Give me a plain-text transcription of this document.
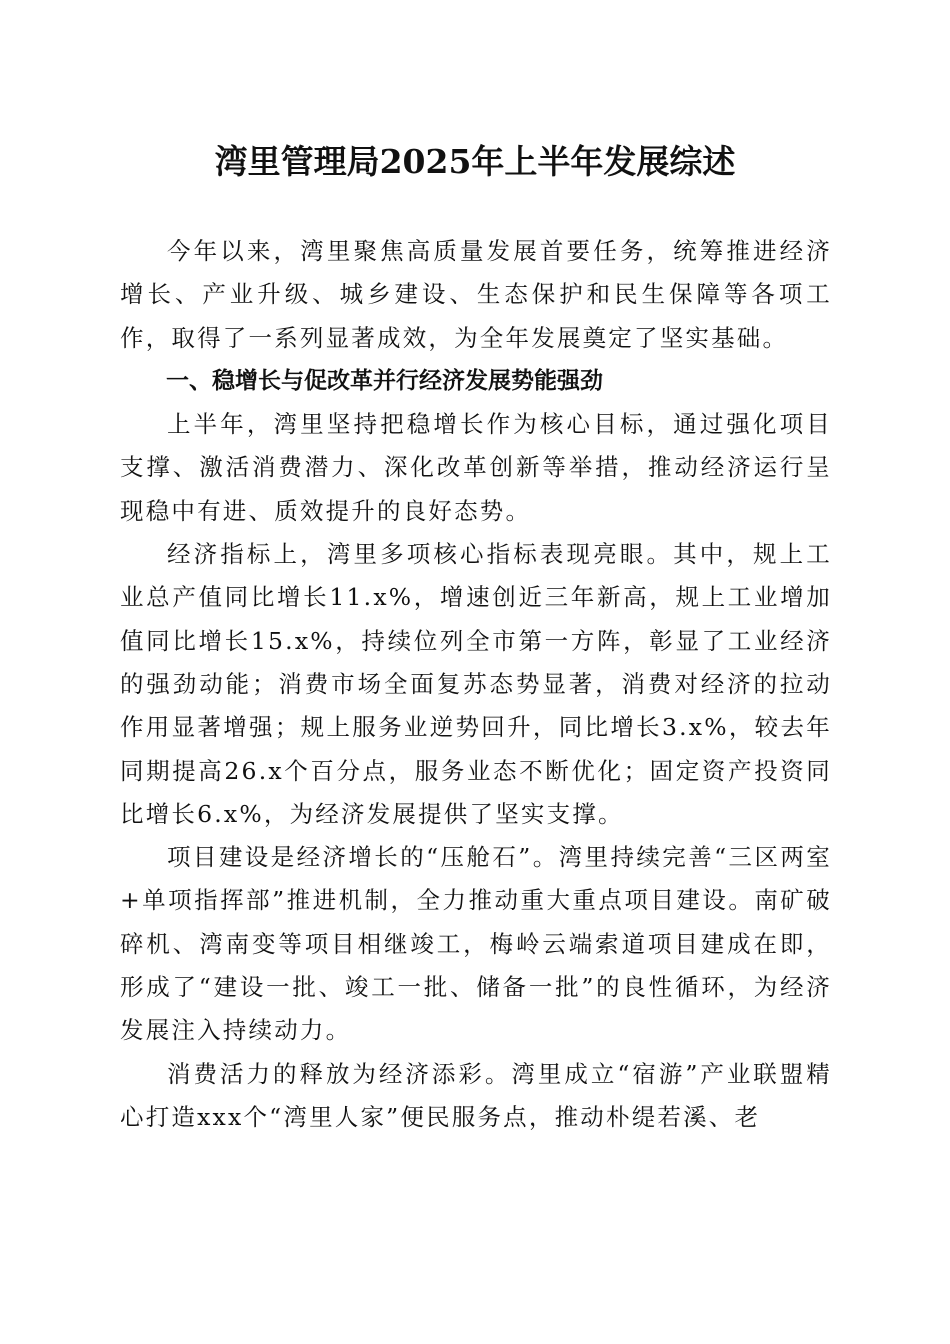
湾里管理局2025年上半年发展综述

今年以来，湾里聚焦高质量发展首要任务，统筹推进经济增长、产业升级、城乡建设、生态保护和民生保障等各项工作，取得了一系列显著成效，为全年发展奠定了坚实基础。

一、稳增长与促改革并行经济发展势能强劲

上半年，湾里坚持把稳增长作为核心目标，通过强化项目支撑、激活消费潜力、深化改革创新等举措，推动经济运行呈现稳中有进、质效提升的良好态势。

经济指标上，湾里多项核心指标表现亮眼。其中，规上工业总产值同比增长11.x%，增速创近三年新高，规上工业增加值同比增长15.x%，持续位列全市第一方阵，彰显了工业经济的强劲动能；消费市场全面复苏态势显著，消费对经济的拉动作用显著增强；规上服务业逆势回升，同比增长3.x%，较去年同期提高26.x个百分点，服务业态不断优化；固定资产投资同比增长6.x%，为经济发展提供了坚实支撑。

项目建设是经济增长的“压舱石”。湾里持续完善“三区两室+单项指挥部”推进机制，全力推动重大重点项目建设。南矿破碎机、湾南变等项目相继竣工，梅岭云端索道项目建成在即，形成了“建设一批、竣工一批、储备一批”的良性循环，为经济发展注入持续动力。

消费活力的释放为经济添彩。湾里成立“宿游”产业联盟精心打造xxx个“湾里人家”便民服务点，推动朴缇若溪、老
